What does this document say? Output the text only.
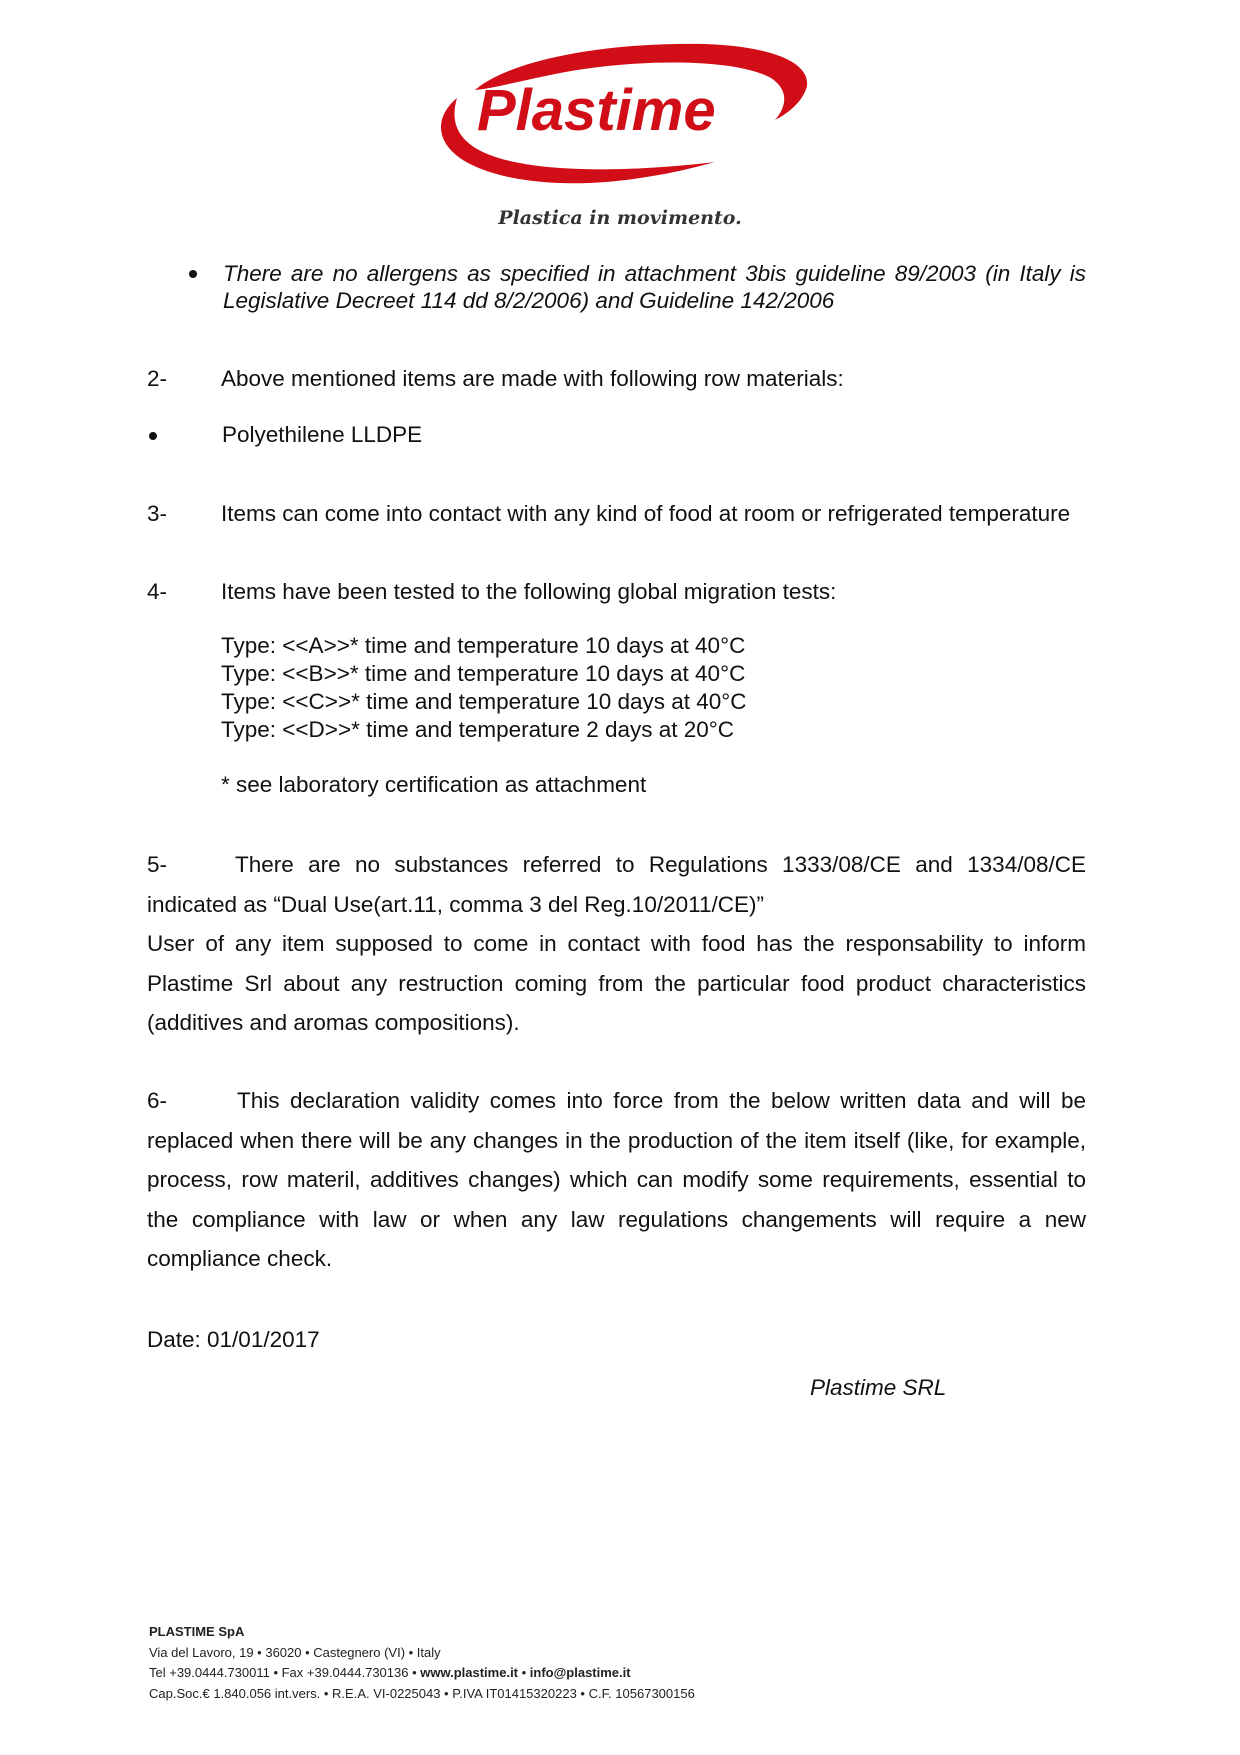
Plastime
Plastica in movimento.
There are no allergens as specified in attachment 3bis guideline 89/2003 (in Italy is
Legislative Decreet 114 dd 8/2/2006) and Guideline 142/2006
2- Above mentioned items are made with following row materials:
Polyethilene LLDPE
3- Items can come into contact with any kind of food at room or refrigerated temperature
4- Items have been tested to the following global migration tests:
Type: <<A>>* time and temperature 10 days at 40°C
Type: <<B>>* time and temperature 10 days at 40°C
Type: <<C>>* time and temperature 10 days at 40°C
Type: <<D>>* time and temperature 2 days at 20°C
* see laboratory certification as attachment
5-	There are no substances referred to Regulations 1333/08/CE and 1334/08/CE
indicated as “Dual Use(art.11, comma 3 del Reg.10/2011/CE)”
User of any item supposed to come in contact with food has the responsability to inform
Plastime Srl about any restruction coming from the particular food product characteristics
(additives and aromas compositions).
6-	This declaration validity comes into force from the below written data and will be
replaced when there will be any changes in the production of the item itself (like, for example,
process, row materil, additives changes) which can modify some requirements, essential to
the compliance with law or when any law regulations changements will require a new
compliance check.
Date: 01/01/2017
Plastime SRL
PLASTIME SpA
Via del Lavoro, 19 • 36020 • Castegnero (VI) • Italy
Tel +39.0444.730011 • Fax +39.0444.730136 • www.plastime.it • info@plastime.it
Cap.Soc.€ 1.840.056 int.vers. • R.E.A. VI-0225043 • P.IVA IT01415320223 • C.F. 10567300156
